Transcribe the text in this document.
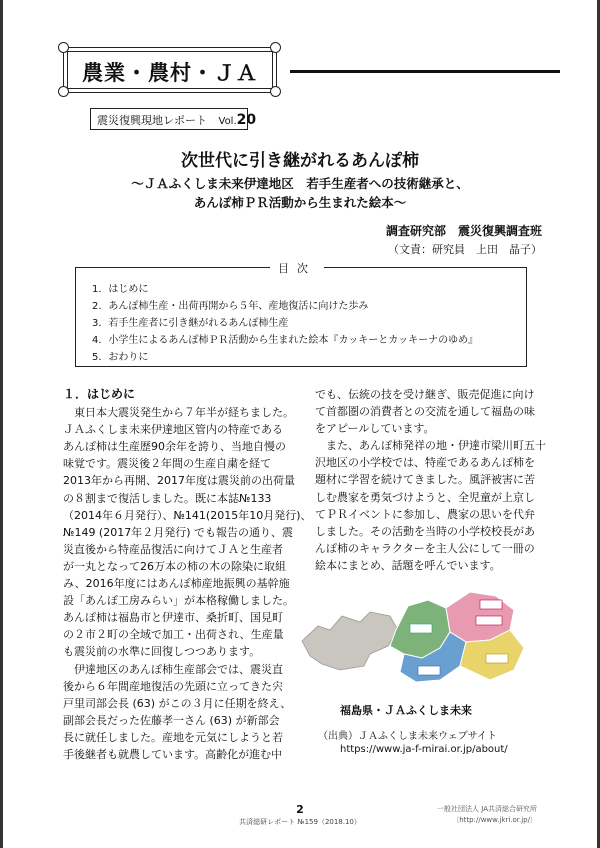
農業・農村・ＪＡ
震災復興現地レポート Vol.20
次世代に引き継がれるあんぽ柿
～ＪＡふくしま未来伊達地区　若手生産者への技術継承と、
あんぽ柿ＰＲ活動から生まれた絵本～
調査研究部　震災復興調査班
（文責：研究員　上田　晶子）
1．はじめに
2．あんぽ柿生産・出荷再開から５年、産地復活に向けた歩み
3．若手生産者に引き継がれるあんぽ柿生産
4．小学生によるあんぽ柿ＰＲ活動から生まれた絵本『カッキーとカッキーナのゆめ』
5．おわりに
目次
１．はじめに
　東日本大震災発生から７年半が経ちました。
ＪＡふくしま未来伊達地区管内の特産である
あんぽ柿は生産歴90余年を誇り、当地自慢の
味覚です。震災後２年間の生産自粛を経て
2013年から再開、2017年度は震災前の出荷量
の８割まで復活しました。既に本誌№133
（2014年６月発行）、№141(2015年10月発行)、
№149 (2017年２月発行) でも報告の通り、震
災直後から特産品復活に向けてＪＡと生産者
が一丸となって26万本の柿の木の除染に取組
み、2016年度にはあんぽ柿産地振興の基幹施
設「あんぽ工房みらい」が本格稼働しました。
あんぽ柿は福島市と伊達市、桑折町、国見町
の２市２町の全域で加工・出荷され、生産量
も震災前の水準に回復しつつあります。
　伊達地区のあんぽ柿生産部会では、震災直
後から６年間産地復活の先頭に立ってきた宍
戸里司部会長 (63) がこの３月に任期を終え、
副部会長だった佐藤孝一さん (63) が新部会
長に就任しました。産地を元気にしようと若
手後継者も就農しています。高齢化が進む中
でも、伝統の技を受け継ぎ、販売促進に向け
て首都圏の消費者との交流を通して福島の味
をアピールしています。
　また、あんぽ柿発祥の地・伊達市梁川町五十
沢地区の小学校では、特産であるあんぽ柿を
題材に学習を続けてきました。風評被害に苦
しむ農家を勇気づけようと、全児童が上京し
てＰＲイベントに参加し、農家の思いを代弁
しました。その活動を当時の小学校校長があ
んぽ柿のキャラクターを主人公にして一冊の
絵本にまとめ、話題を呼んでいます。
福島県・ＪＡふくしま未来
（出典）ＪＡふくしま未来ウェブサイト
https://www.ja-f-mirai.or.jp/about/
2
共済総研レポート №159（2018.10）
一般社団法人 JA共済総合研究所
〔http://www.jkri.or.jp/〕
